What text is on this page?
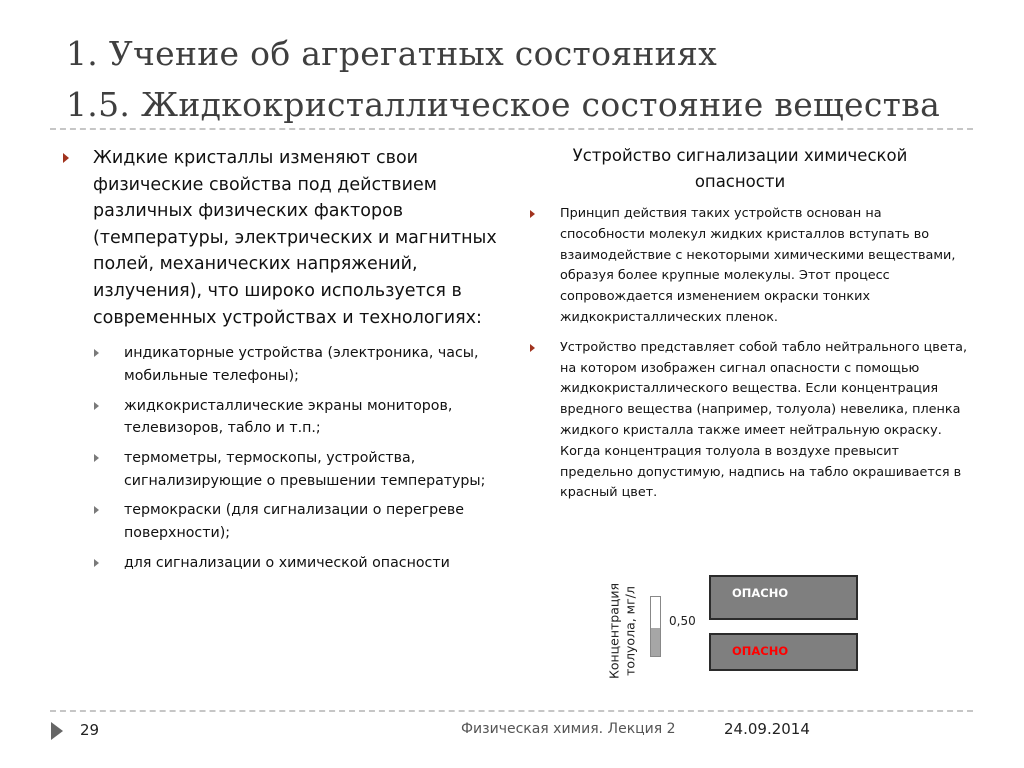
1. Учение об агрегатных состояниях
1.5. Жидкокристаллическое состояние вещества
Жидкие кристаллы изменяют свои физические свойства под действием различных физических факторов (температуры, электрических и магнитных полей, механических напряжений, излучения), что широко используется в современных устройствах и технологиях:
индикаторные устройства (электроника, часы, мобильные телефоны);
жидкокристаллические экраны мониторов, телевизоров, табло и т.п.;
термометры, термоскопы, устройства, сигнализирующие о превышении температуры;
термокраски (для сигнализации о перегреве поверхности);
для сигнализации о химической опасности
Устройство сигнализации химической опасности
Принцип действия таких устройств основан на способности молекул жидких кристаллов вступать во взаимодействие с некоторыми химическими веществами, образуя более крупные молекулы. Этот процесс сопровождается изменением окраски тонких жидкокристаллических пленок.
Устройство представляет собой табло нейтрального цвета, на котором изображен сигнал опасности с помощью жидкокристаллического вещества. Если концентрация вредного вещества (например, толуола) невелика, пленка жидкого кристалла также имеет нейтральную окраску. Когда концентрация толуола в воздухе превысит предельно допустимую, надпись на табло окрашивается в красный цвет.
Концентрация толуола, мг/л	0,50
ОПАСНО
ОПАСНО
29	Физическая химия. Лекция 2	24.09.2014
